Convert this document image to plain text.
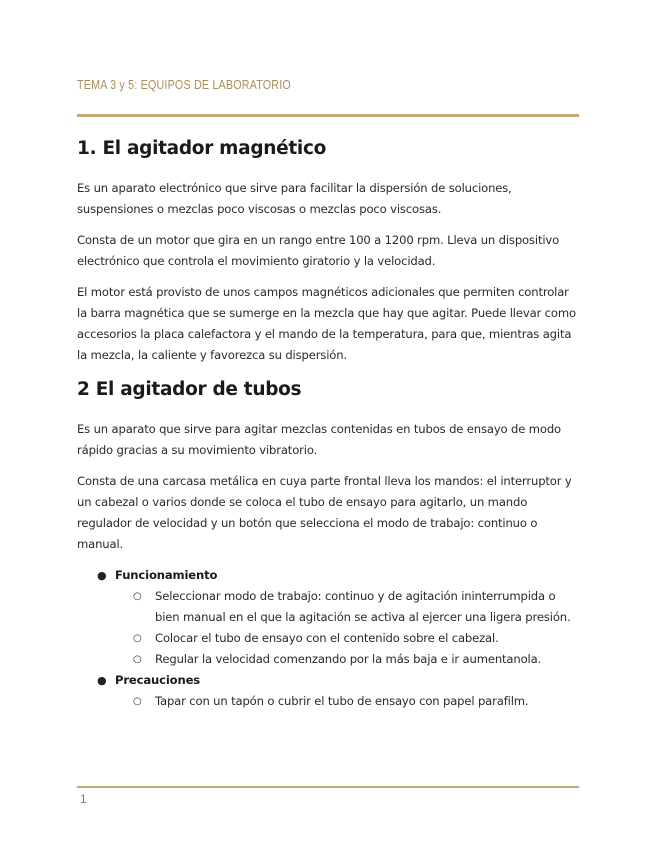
TEMA 3 y 5: EQUIPOS DE LABORATORIO
1. El agitador magnético

Es un aparato electrónico que sirve para facilitar la dispersión de soluciones, suspensiones o mezclas poco viscosas o mezclas poco viscosas.

Consta de un motor que gira en un rango entre 100 a 1200 rpm. Lleva un dispositivo electrónico que controla el movimiento giratorio y la velocidad.

El motor está provisto de unos campos magnéticos adicionales que permiten controlar la barra magnética que se sumerge en la mezcla que hay que agitar. Puede llevar como accesorios la placa calefactora y el mando de la temperatura, para que, mientras agita la mezcla, la caliente y favorezca su dispersión.

2 El agitador de tubos

Es un aparato que sirve para agitar mezclas contenidas en tubos de ensayo de modo rápido gracias a su movimiento vibratorio.

Consta de una carcasa metálica en cuya parte frontal lleva los mandos: el interruptor y un cabezal o varios donde se coloca el tubo de ensayo para agitarlo, un mando regulador de velocidad y un botón que selecciona el modo de trabajo: continuo o manual.

● Funcionamiento
○ Seleccionar modo de trabajo: continuo y de agitación ininterrumpida o bien manual en el que la agitación se activa al ejercer una ligera presión.
○ Colocar el tubo de ensayo con el contenido sobre el cabezal.
○ Regular la velocidad comenzando por la más baja e ir aumentanola.
● Precauciones
○ Tapar con un tapón o cubrir el tubo de ensayo con papel parafilm.
1
